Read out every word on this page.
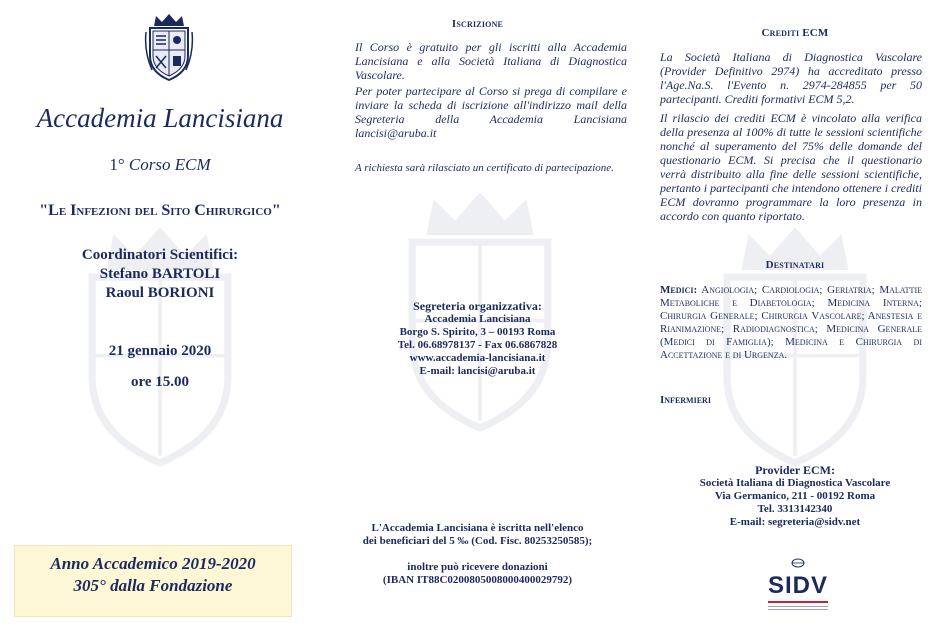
Accademia Lancisiana
1° Corso ECM
"Le Infezioni del Sito Chirurgico"
Coordinatori Scientifici:
Stefano BARTOLI
Raoul BORIONI
21 gennaio 2020
ore 15.00
Anno Accademico 2019-2020
305° dalla Fondazione
Iscrizione
Il Corso è gratuito per gli iscritti alla Accademia Lancisiana e alla Società Italiana di Diagnostica Vascolare.
Per poter partecipare al Corso si prega di compilare e inviare la scheda di iscrizione all'indirizzo mail della Segreteria della Accademia Lancisiana lancisi@aruba.it
A richiesta sarà rilasciato un certificato di partecipazione.
Segreteria organizzativa:
Accademia Lancisiana
Borgo S. Spirito, 3 – 00193 Roma
Tel. 06.68978137 - Fax 06.6867828
www.accademia-lancisiana.it
E-mail: lancisi@aruba.it
L'Accademia Lancisiana è iscritta nell'elenco
dei beneficiari del 5 ‰ (Cod. Fisc. 80253250585);
inoltre può ricevere donazioni
(IBAN IT88C0200805008000400029792)
Crediti ECM
La Società Italiana di Diagnostica Vascolare (Provider Definitivo 2974) ha accreditato presso l'Age.Na.S. l'Evento n. 2974-284855 per 50 partecipanti. Crediti formativi ECM 5,2.
Il rilascio dei crediti ECM è vincolato alla verifica della presenza al 100% di tutte le sessioni scientifiche nonché al superamento del 75% delle domande del questionario ECM. Si precisa che il questionario verrà distribuito alla fine delle sessioni scientifiche, pertanto i partecipanti che intendono ottenere i crediti ECM dovranno programmare la loro presenza in accordo con quanto riportato.
Destinatari
Medici: Angiologia; Cardiologia; Geriatria; Malattie Metaboliche e Diabetologia; Medicina Interna; Chirurgia Generale; Chirurgia Vascolare; Anestesia e Rianimazione; Radiodiagnostica; Medicina Generale (Medici di Famiglia); Medicina e Chirurgia di Accettazione e di Urgenza.
Infermieri
Provider ECM:
Società Italiana di Diagnostica Vascolare
Via Germanico, 211 - 00192 Roma
Tel. 3313142340
E-mail: segreteria@sidv.net
SIDV
